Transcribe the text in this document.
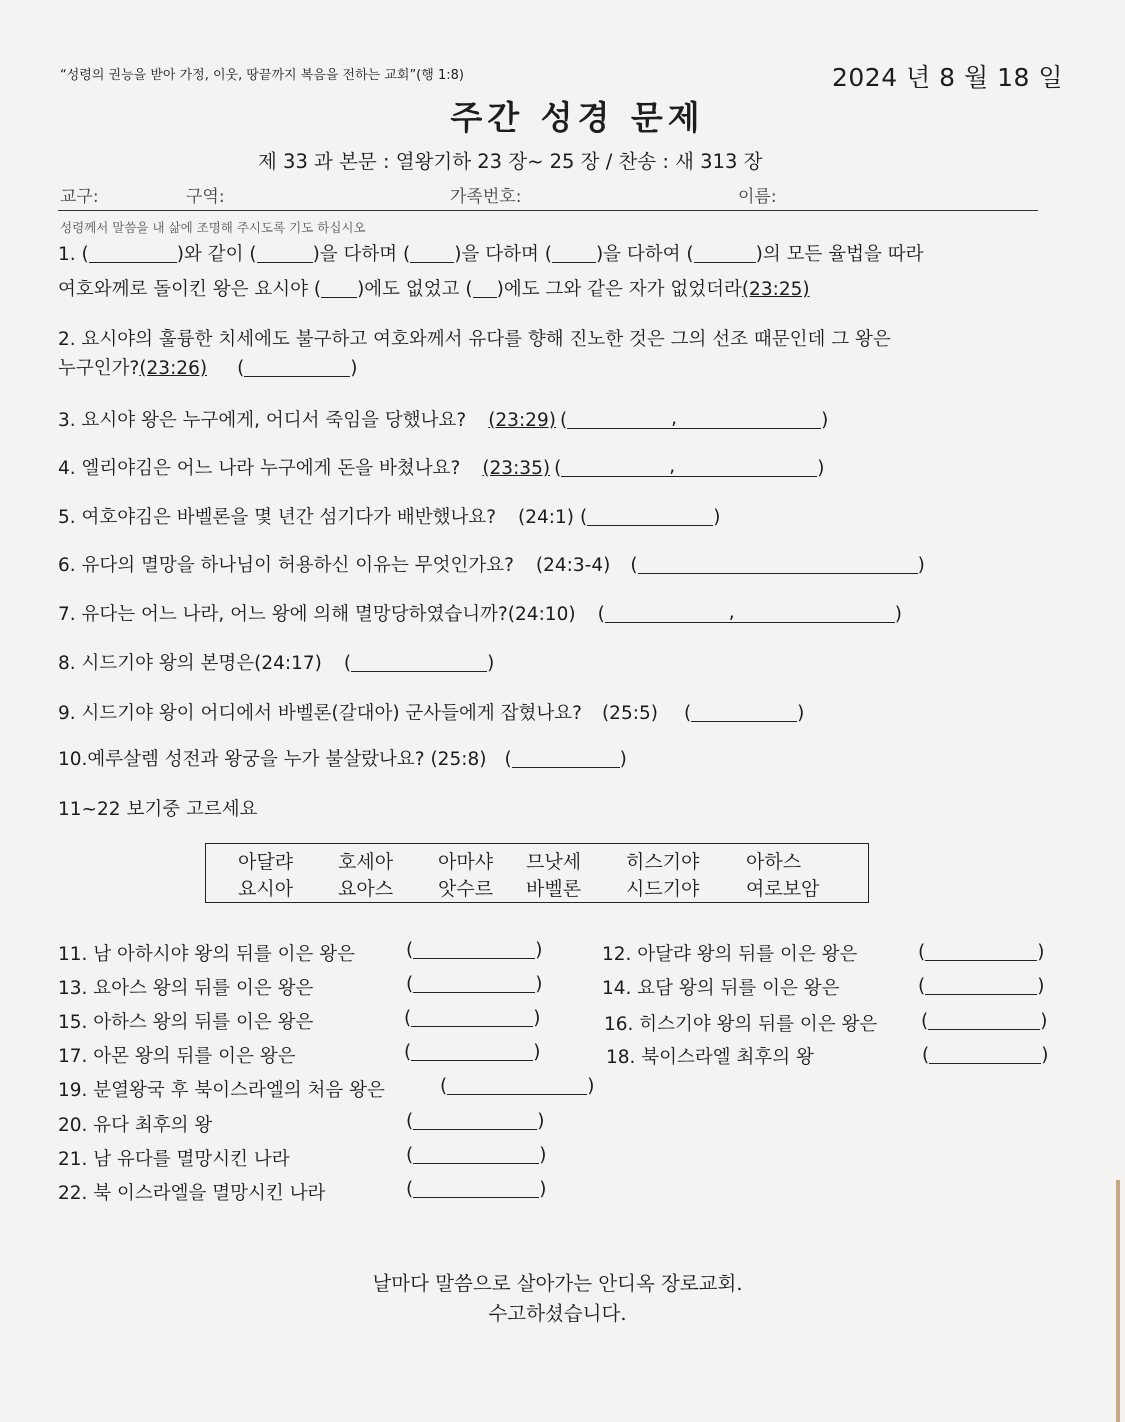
“성령의 권능을 받아 가정, 이웃, 땅끝까지 복음을 전하는 교회”(행 1:8)	2024 년 8 월 18 일
주간 성경 문제
제 33 과 본문 : 열왕기하 23 장~ 25 장 / 찬송 : 새 313 장
교구:	구역:	가족번호:	이름:
성령께서 말씀을 내 삶에 조명해 주시도록 기도 하십시오
1. (	)와 같이 (	)을 다하며 ( )을 다하며 ( )을 다하여 (	)의 모든 율법을 따라
여호와께로 돌이킨 왕은 요시야 ( )에도 없었고 ( )에도 그와 같은 자가 없었더라(23:25)
2. 요시야의 훌륭한 치세에도 불구하고 여호와께서 유다를 향해 진노한 것은 그의 선조 때문인데 그 왕은
누구인가?(23:26) (	)
3. 요시야 왕은 누구에게, 어디서 죽임을 당했나요? (23:29) (	,	)
4. 엘리야김은 어느 나라 누구에게 돈을 바쳤나요? (23:35) (	,	)
5. 여호야김은 바벨론을 몇 년간 섬기다가 배반했나요? (24:1) (	)
6. 유다의 멸망을 하나님이 허용하신 이유는 무엇인가요? (24:3-4) (	)
7. 유다는 어느 나라, 어느 왕에 의해 멸망당하였습니까?(24:10) (	,	)
8. 시드기야 왕의 본명은(24:17) (	)
9. 시드기야 왕이 어디에서 바벨론(갈대아) 군사들에게 잡혔나요? (25:5) (	)
10.예루살렘 성전과 왕궁을 누가 불살랐나요? (25:8) (	)
11~22 보기중 고르세요
아달랴 호세아 아마샤 므낫세 히스기야 아하스
요시아 요아스 앗수르 바벨론 시드기야 여로보암
11. 남 아하시야 왕의 뒤를 이은 왕은	(	)	12. 아달랴 왕의 뒤를 이은 왕은	(	)
13. 요아스 왕의 뒤를 이은 왕은	(	)	14. 요담 왕의 뒤를 이은 왕은	(	)
15. 아하스 왕의 뒤를 이은 왕은	(	)	16. 히스기야 왕의 뒤를 이은 왕은 (	)
17. 아몬 왕의 뒤를 이은 왕은	(	)	18. 북이스라엘 최후의 왕	(	)
19. 분열왕국 후 북이스라엘의 처음 왕은	(	)
20. 유다 최후의 왕	(	)
21. 남 유다를 멸망시킨 나라	(	)
22. 북 이스라엘을 멸망시킨 나라	(	)
날마다 말씀으로 살아가는 안디옥 장로교회.
수고하셨습니다.
